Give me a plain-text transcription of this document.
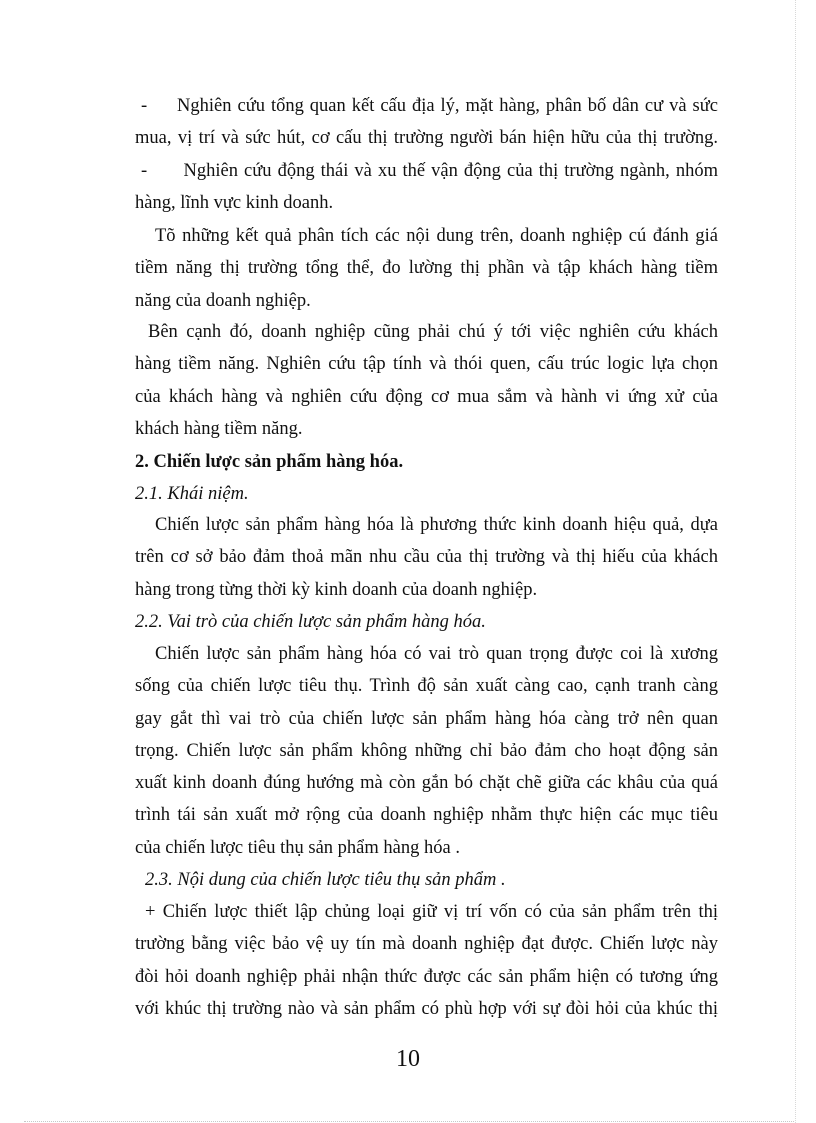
- Nghiên cứu tổng quan kết cấu địa lý, mặt hàng, phân bố dân cư và sức
mua, vị trí và sức hút, cơ cấu thị trường người bán hiện hữu của thị trường.
- Nghiên cứu động thái và xu thế vận động của thị trường ngành, nhóm
hàng, lĩnh vực kinh doanh.
Tõ những kết quả phân tích các nội dung trên, doanh nghiệp cú đánh giá
tiềm năng thị trường tổng thể, đo lường thị phần và tập khách hàng tiềm
năng của doanh nghiệp.
Bên cạnh đó, doanh nghiệp cũng phải chú ý tới việc nghiên cứu khách
hàng tiềm năng. Nghiên cứu tập tính và thói quen, cấu trúc logic lựa chọn
của khách hàng và nghiên cứu động cơ mua sắm và hành vi ứng xử của
khách hàng tiềm năng.
2. Chiến lược sản phẩm hàng hóa.
2.1. Khái niệm.
Chiến lược sản phẩm hàng hóa là phương thức kinh doanh hiệu quả, dựa
trên cơ sở bảo đảm thoả mãn nhu cầu của thị trường và thị hiếu của khách
hàng trong từng thời kỳ kinh doanh của doanh nghiệp.
2.2. Vai trò của chiến lược sản phẩm hàng hóa.
Chiến lược sản phẩm hàng hóa có vai trò quan trọng được coi là xương
sống của chiến lược tiêu thụ. Trình độ sản xuất càng cao, cạnh tranh càng
gay gắt thì vai trò của chiến lược sản phẩm hàng hóa càng trở nên quan
trọng. Chiến lược sản phẩm không những chỉ bảo đảm cho hoạt động sản
xuất kinh doanh đúng hướng mà còn gắn bó chặt chẽ giữa các khâu của quá
trình tái sản xuất mở rộng của doanh nghiệp nhằm thực hiện các mục tiêu
của chiến lược tiêu thụ sản phẩm hàng hóa .
2.3. Nội dung của chiến lược tiêu thụ sản phẩm .
+ Chiến lược thiết lập chủng loại giữ vị trí vốn có của sản phẩm trên thị
trường bằng việc bảo vệ uy tín mà doanh nghiệp đạt được. Chiến lược này
đòi hỏi doanh nghiệp phải nhận thức được các sản phẩm hiện có tương ứng
với khúc thị trường nào và sản phẩm có phù hợp với sự đòi hỏi của khúc thị
10
